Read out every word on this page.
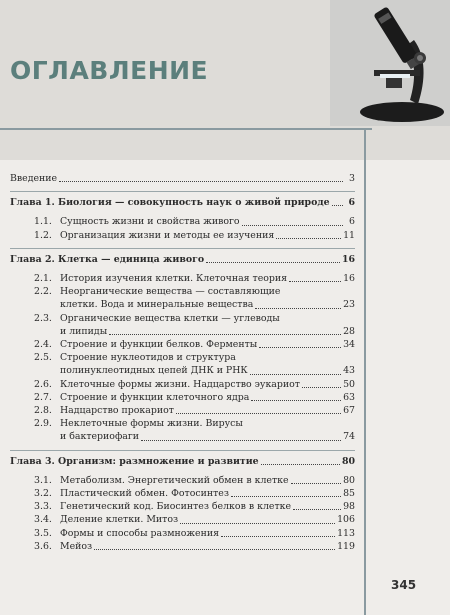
ОГЛАВЛЕНИЕ
Введение	3
Глава 1. Биология — совокупность наук о живой природе	6
1.1. Сущность жизни и свойства живого	6
1.2. Организация жизни и методы ее изучения	11
Глава 2. Клетка — единица живого	16
2.1. История изучения клетки. Клеточная теория	16
2.2. Неорганические вещества — составляющие
клетки. Вода и минеральные вещества	23
2.3. Органические вещества клетки — углеводы
и липиды	28
2.4. Строение и функции белков. Ферменты	34
2.5. Строение нуклеотидов и структура
полинуклеотидных цепей ДНК и РНК	43
2.6. Клеточные формы жизни. Надцарство эукариот	50
2.7. Строение и функции клеточного ядра	63
2.8. Надцарство прокариот	67
2.9. Неклеточные формы жизни. Вирусы
и бактериофаги	74
Глава 3. Организм: размножение и развитие	80
3.1. Метаболизм. Энергетический обмен в клетке	80
3.2. Пластический обмен. Фотосинтез	85
3.3. Генетический код. Биосинтез белков в клетке	98
3.4. Деление клетки. Митоз	106
3.5. Формы и способы размножения	113
3.6. Мейоз	119
345
